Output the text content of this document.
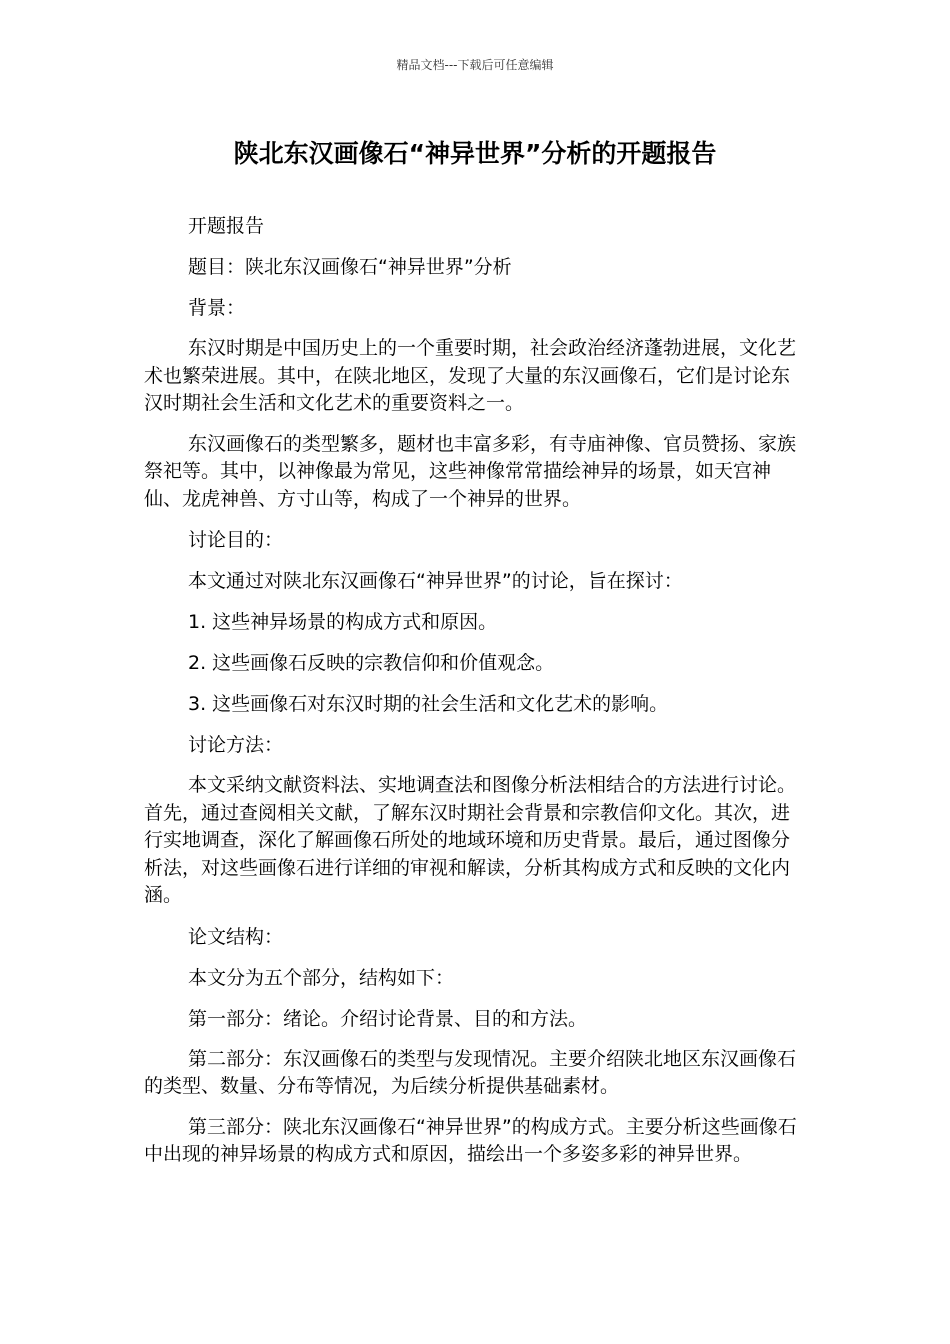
精品文档---下载后可任意编辑
陕北东汉画像石“神异世界”分析的开题报告

开题报告

题目：陕北东汉画像石“神异世界”分析

背景：

东汉时期是中国历史上的一个重要时期，社会政治经济蓬勃进展，文化艺术也繁荣进展。其中，在陕北地区，发现了大量的东汉画像石，它们是讨论东汉时期社会生活和文化艺术的重要资料之一。

东汉画像石的类型繁多，题材也丰富多彩，有寺庙神像、官员赞扬、家族祭祀等。其中，以神像最为常见，这些神像常常描绘神异的场景，如天宫神仙、龙虎神兽、方寸山等，构成了一个神异的世界。

讨论目的：

本文通过对陕北东汉画像石“神异世界”的讨论，旨在探讨：

1. 这些神异场景的构成方式和原因。

2. 这些画像石反映的宗教信仰和价值观念。

3. 这些画像石对东汉时期的社会生活和文化艺术的影响。

讨论方法：

本文采纳文献资料法、实地调查法和图像分析法相结合的方法进行讨论。首先，通过查阅相关文献，了解东汉时期社会背景和宗教信仰文化。其次，进行实地调查，深化了解画像石所处的地域环境和历史背景。最后，通过图像分析法，对这些画像石进行详细的审视和解读，分析其构成方式和反映的文化内涵。

论文结构：

本文分为五个部分，结构如下：

第一部分：绪论。介绍讨论背景、目的和方法。

第二部分：东汉画像石的类型与发现情况。主要介绍陕北地区东汉画像石的类型、数量、分布等情况，为后续分析提供基础素材。

第三部分：陕北东汉画像石“神异世界”的构成方式。主要分析这些画像石中出现的神异场景的构成方式和原因，描绘出一个多姿多彩的神异世界。
